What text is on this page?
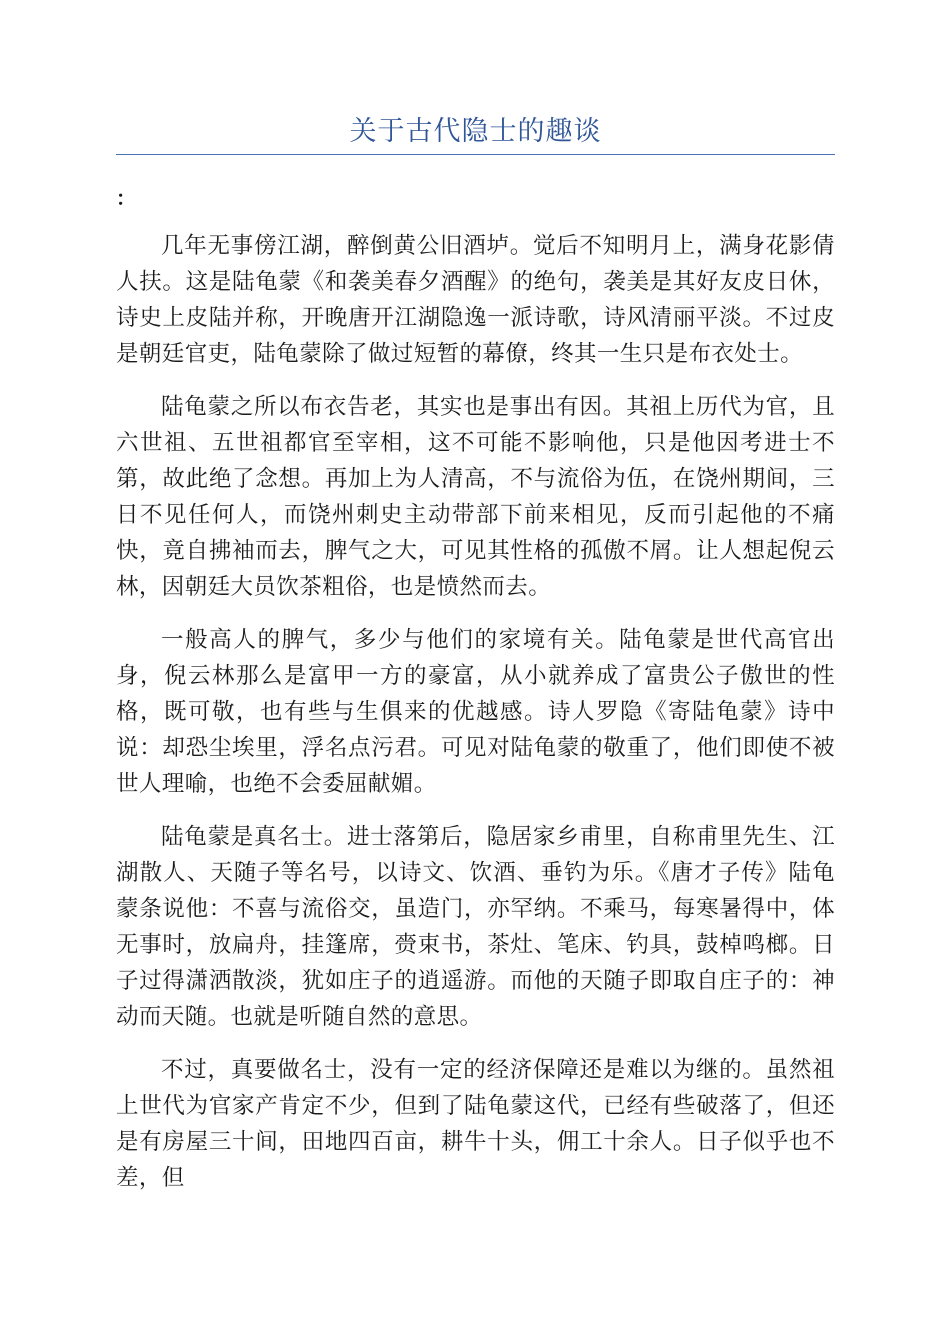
关于古代隐士的趣谈
：

几年无事傍江湖，醉倒黄公旧酒垆。觉后不知明月上，满身花影倩人扶。这是陆龟蒙《和袭美春夕酒醒》的绝句，袭美是其好友皮日休，诗史上皮陆并称，开晚唐开江湖隐逸一派诗歌，诗风清丽平淡。不过皮是朝廷官吏，陆龟蒙除了做过短暂的幕僚，终其一生只是布衣处士。

陆龟蒙之所以布衣告老，其实也是事出有因。其祖上历代为官，且六世祖、五世祖都官至宰相，这不可能不影响他，只是他因考进士不第，故此绝了念想。再加上为人清高，不与流俗为伍，在饶州期间，三日不见任何人，而饶州刺史主动带部下前来相见，反而引起他的不痛快，竟自拂袖而去，脾气之大，可见其性格的孤傲不屑。让人想起倪云林，因朝廷大员饮茶粗俗，也是愤然而去。

一般高人的脾气，多少与他们的家境有关。陆龟蒙是世代高官出身，倪云林那么是富甲一方的豪富，从小就养成了富贵公子傲世的性格，既可敬，也有些与生俱来的优越感。诗人罗隐《寄陆龟蒙》诗中说：却恐尘埃里，浮名点污君。可见对陆龟蒙的敬重了，他们即使不被世人理喻，也绝不会委屈献媚。

陆龟蒙是真名士。进士落第后，隐居家乡甫里，自称甫里先生、江湖散人、天随子等名号，以诗文、饮酒、垂钓为乐。《唐才子传》陆龟蒙条说他：不喜与流俗交，虽造门，亦罕纳。不乘马，每寒暑得中，体无事时，放扁舟，挂篷席，赍束书，茶灶、笔床、钓具，鼓棹鸣榔。日子过得潇洒散淡，犹如庄子的逍遥游。而他的天随子即取自庄子的：神动而天随。也就是听随自然的意思。

不过，真要做名士，没有一定的经济保障还是难以为继的。虽然祖上世代为官家产肯定不少，但到了陆龟蒙这代，已经有些破落了，但还是有房屋三十间，田地四百亩，耕牛十头，佣工十余人。日子似乎也不差，但
